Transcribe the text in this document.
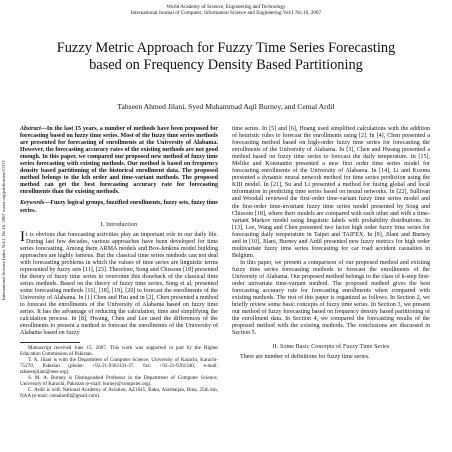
World Academy of Science, Engineering and Technology
International Journal of Computer, Information Science and Engineering Vol:1 No:10, 2007
Fuzzy Metric Approach for Fuzzy Time Series Forecasting based on Frequency Density Based Partitioning
Tahseen Ahmed Jilani, Syed Muhammad Aqil Burney, and Cemal Ardil
International Science Index Vol:1, No:10, 2007 waset.org/publication/11371

Abstract—In the last 15 years, a number of methods have been proposed for forecasting based on fuzzy time series. Most of the fuzzy time series methods are presented for forecasting of enrollments at the University of Alabama. However, the forecasting accuracy rates of the existing methods are not good enough. In this paper, we compared our proposed new method of fuzzy time series forecasting with existing methods. Our method is based on frequency density based partitioning of the historical enrollment data. The proposed method belongs to the kth order and time-variant methods. The proposed method can get the best forecasting accuracy rate for forecasting enrollments than the existing methods.

Keywords—Fuzzy logical groups, fuzzified enrollments, fuzzy sets, fuzzy time series.

I. Introduction

It is obvious that forecasting activities play an important role in our daily life. During last few decades, various approaches have been developed for time series forecasting. Among them ARMA models and Box-Jenkins model building approaches are highly famous. But the classical time series methods can not deal with forecasting problems in which the values of time series are linguistic terms represented by fuzzy sets [11], [23]. Therefore, Song and Chissom [18] presented the theory of fuzzy time series to overcome this drawback of the classical time series methods. Based on the theory of fuzzy time series, Song et al. presented some forecasting methods [16], [18], [19], [20] to forecast the enrollments of the University of Alabama. In [1] Chen and Hsu and in [2], Chen presented a method to forecast the enrollments of the University of Alabama based on fuzzy time series. It has the advantage of reducing the calculation, time and simplifying the calculation process. In [8], Hwang, Chen and Lee used the differences of the enrollments to present a method to forecast the enrollments of the University of Alabama based on fuzzy

Manuscript received June 15, 2007. This work was supported in part by the Higher Education Commission of Pakistan.

T. A. Jilani is with the Department of Computer Science, University of Karachi, Karachi-75270, Pakistan (phone: +92-21-9363131-37, fax: +92-21-9261340, e-mail: tahseenjilani@ieee.org).

S. M. A. Burney is Distinguished Professor in the Department of Computer Science, University of Karachi, Pakistan (e-mail: burney@computer.org).

C. Ardil is with National Academy of Aviation, AZ1045, Baku, Azerbaijan, Bina, 25th km, NAA (e-mail: cemalardil@gmail.com).

time series. In [5] and [6], Huang used simplified calculations with the addition of heuristic rules to forecast the enrollments using [2]. In [4], Chen presented a forecasting method based on high-order fuzzy time series for forecasting the enrollments of the University of Alabama. In [3], Chen and Hwang presented a method based on fuzzy time series to forecast the daily temperature. In [15], Melike and Konstantin presented a new first order time series model for forecasting enrollments of the University of Alabama. In [14], Li and Kozma presented a dynamic neural network method for time series prediction using the KIII model. In [21], Su and Li presented a method for fusing global and local information in predicting time series based on neural networks. In [22], Sullivan and Woodall reviewed the first-order time-variant fuzzy time series model and the first-order time-invariant fuzzy time series model presented by Song and Chissom [18], where their models are compared with each other and with a time-variant Markov model using linguistic labels with probability distributions. In [13], Lee, Wang and Chen presented two factor high order fuzzy time series for forecasting daily temperature in Taipei and TAIFEX. In [9], Jilani and Burney and in [10], Jilani, Burney and Ardil presented new fuzzy metrics for high order multivariate fuzzy time series forecasting for car road accident casualties in Belgium.

In this paper, we present a comparison of our proposed method and existing fuzzy time series forecasting methods to forecast the enrollments of the University of Alabama. Our proposed method belongs to the class of k-step first-order univariate time-variant method. The proposed method gives the best forecasting accuracy rate for forecasting enrollments when compared with existing methods. The rest of this paper is organized as follows. In Section 2, we briefly review some basic concepts of fuzzy time series. In Section 3, we present our method of fuzzy forecasting based on frequency density based partitioning of the enrollment data. In Section 4, we compared the forecasting results of the proposed method with the existing methods. The conclusions are discussed in Section 5.

II. Some Basic Concepts of Fuzzy Time Series

There are number of definitions for fuzzy time series.
